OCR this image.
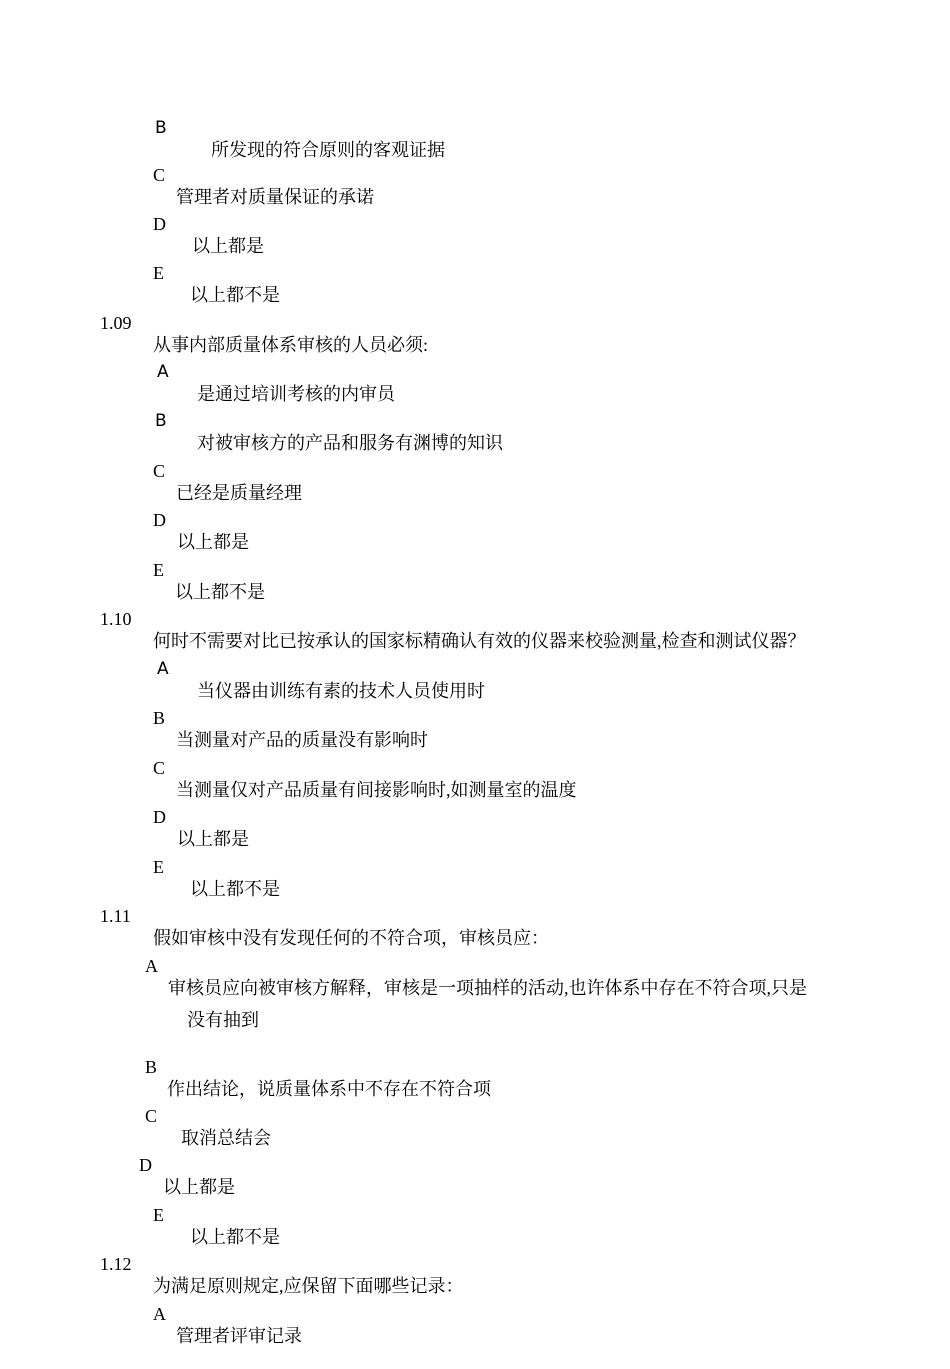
B

所发现的符合原则的客观证据

C

管理者对质量保证的承诺

D

以上都是

E

以上都不是

1.09

从事内部质量体系审核的人员必须:

A

是通过培训考核的内审员

B

对被审核方的产品和服务有渊博的知识

C

已经是质量经理

D

以上都是

E

以上都不是

1.10

何时不需要对比已按承认的国家标精确认有效的仪器来校验测量,检查和测试仪器？

A

当仪器由训练有素的技术人员使用时

B

当测量对产品的质量没有影响时

C

当测量仅对产品质量有间接影响时,如测量室的温度

D

以上都是

E

以上都不是

1.11

假如审核中没有发现任何的不符合项，审核员应：

A

审核员应向被审核方解释，审核是一项抽样的活动,也许体系中存在不符合项,只是

没有抽到

B

作出结论，说质量体系中不存在不符合项

C

取消总结会

D

以上都是

E

以上都不是

1.12

为满足原则规定,应保留下面哪些记录：

A

管理者评审记录
